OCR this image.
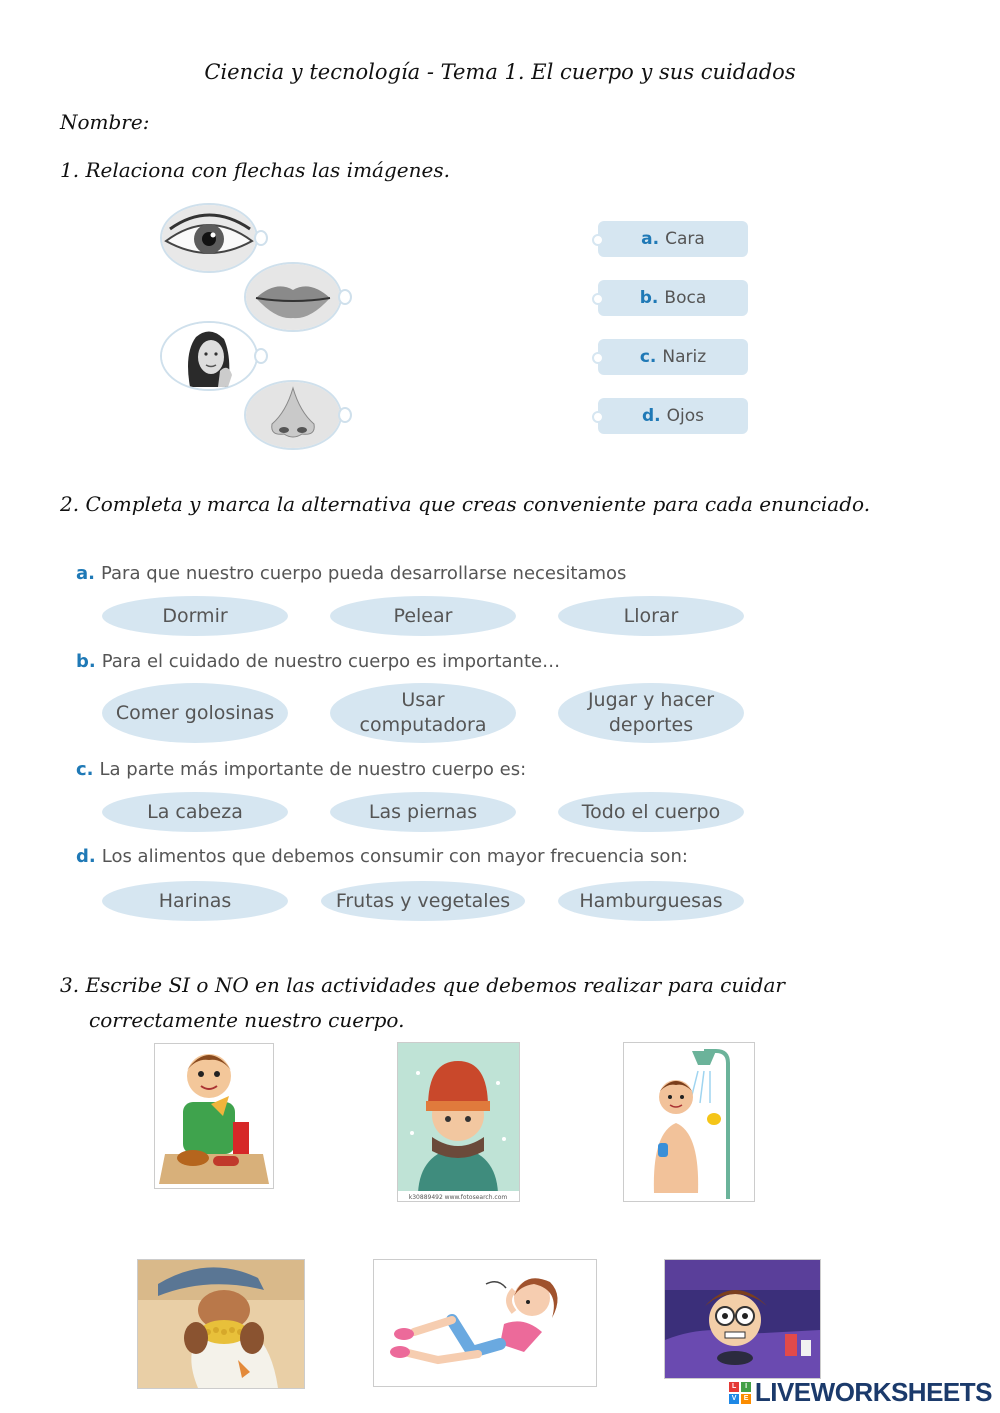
Ciencia y tecnología - Tema 1. El cuerpo y sus cuidados
Nombre:
1. Relaciona con flechas las imágenes.
a. Cara
b. Boca
c. Nariz
d. Ojos
2. Completa y marca la alternativa que creas conveniente para cada enunciado.
a. Para que nuestro cuerpo pueda desarrollarse necesitamos
Dormir	Pelear	Llorar
b. Para el cuidado de nuestro cuerpo es importante…
Comer golosinas
Usar computadora
Jugar y hacer deportes
c. La parte más importante de nuestro cuerpo es:
La cabeza	Las piernas	Todo el cuerpo
d. Los alimentos que debemos consumir con mayor frecuencia son:
Harinas	Frutas y vegetales	Hamburguesas
3. Escribe SI o NO en las actividades que debemos realizar para cuidar
correctamente nuestro cuerpo.
k30889492 www.fotosearch.com
L	I
V	E LIVEWORKSHEETS
